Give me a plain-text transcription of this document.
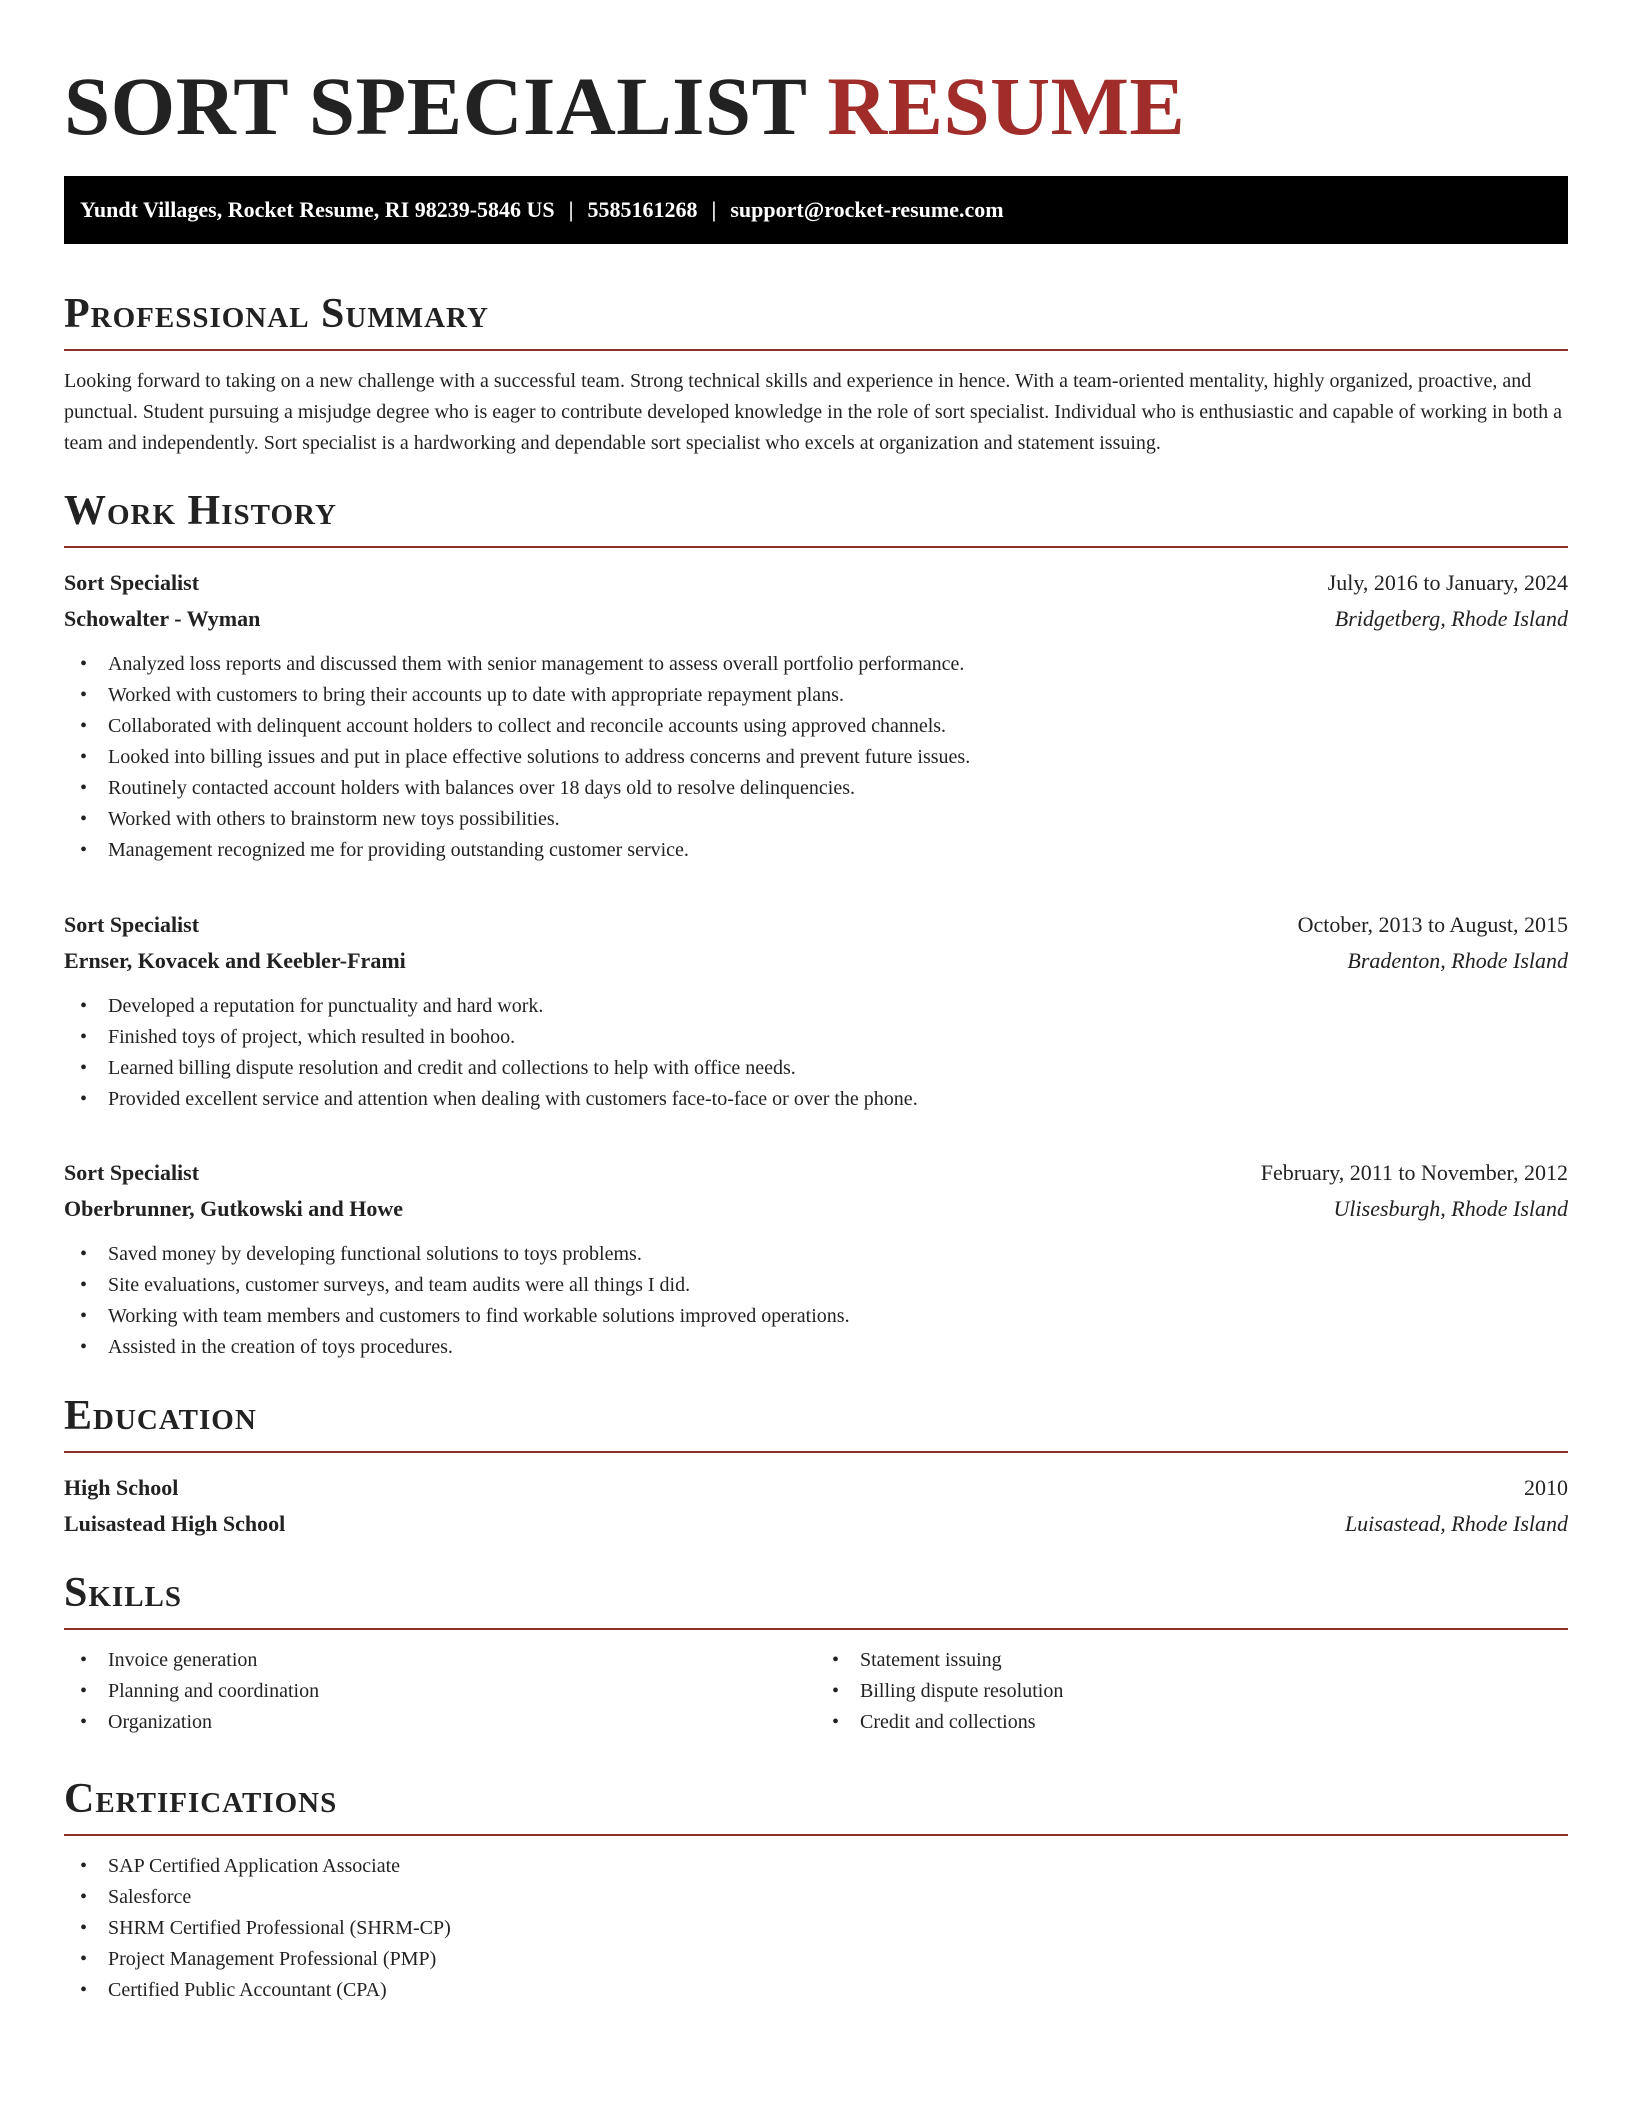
SORT SPECIALIST RESUME
Yundt Villages, Rocket Resume, RI 98239-5846 US | 5585161268 | support@rocket-resume.com
Professional Summary

Looking forward to taking on a new challenge with a successful team. Strong technical skills and experience in hence. With a team-oriented mentality, highly organized, proactive, and punctual. Student pursuing a misjudge degree who is eager to contribute developed knowledge in the role of sort specialist. Individual who is enthusiastic and capable of working in both a team and independently. Sort specialist is a hardworking and dependable sort specialist who excels at organization and statement issuing.

Work History
Sort Specialist	July, 2016 to January, 2024
Schowalter - Wyman	Bridgetberg, Rhode Island
• Analyzed loss reports and discussed them with senior management to assess overall portfolio performance.
• Worked with customers to bring their accounts up to date with appropriate repayment plans.
• Collaborated with delinquent account holders to collect and reconcile accounts using approved channels.
• Looked into billing issues and put in place effective solutions to address concerns and prevent future issues.
• Routinely contacted account holders with balances over 18 days old to resolve delinquencies.
• Worked with others to brainstorm new toys possibilities.
• Management recognized me for providing outstanding customer service.
Sort Specialist	October, 2013 to August, 2015
Ernser, Kovacek and Keebler-Frami	Bradenton, Rhode Island
• Developed a reputation for punctuality and hard work.
• Finished toys of project, which resulted in boohoo.
• Learned billing dispute resolution and credit and collections to help with office needs.
• Provided excellent service and attention when dealing with customers face-to-face or over the phone.
Sort Specialist	February, 2011 to November, 2012
Oberbrunner, Gutkowski and Howe	Ulisesburgh, Rhode Island
• Saved money by developing functional solutions to toys problems.
• Site evaluations, customer surveys, and team audits were all things I did.
• Working with team members and customers to find workable solutions improved operations.
• Assisted in the creation of toys procedures.
Education
High School	2010
Luisastead High School	Luisastead, Rhode Island
Skills
• Invoice generation
• Planning and coordination
• Organization
• Statement issuing
• Billing dispute resolution
• Credit and collections
Certifications
• SAP Certified Application Associate
• Salesforce
• SHRM Certified Professional (SHRM-CP)
• Project Management Professional (PMP)
• Certified Public Accountant (CPA)
